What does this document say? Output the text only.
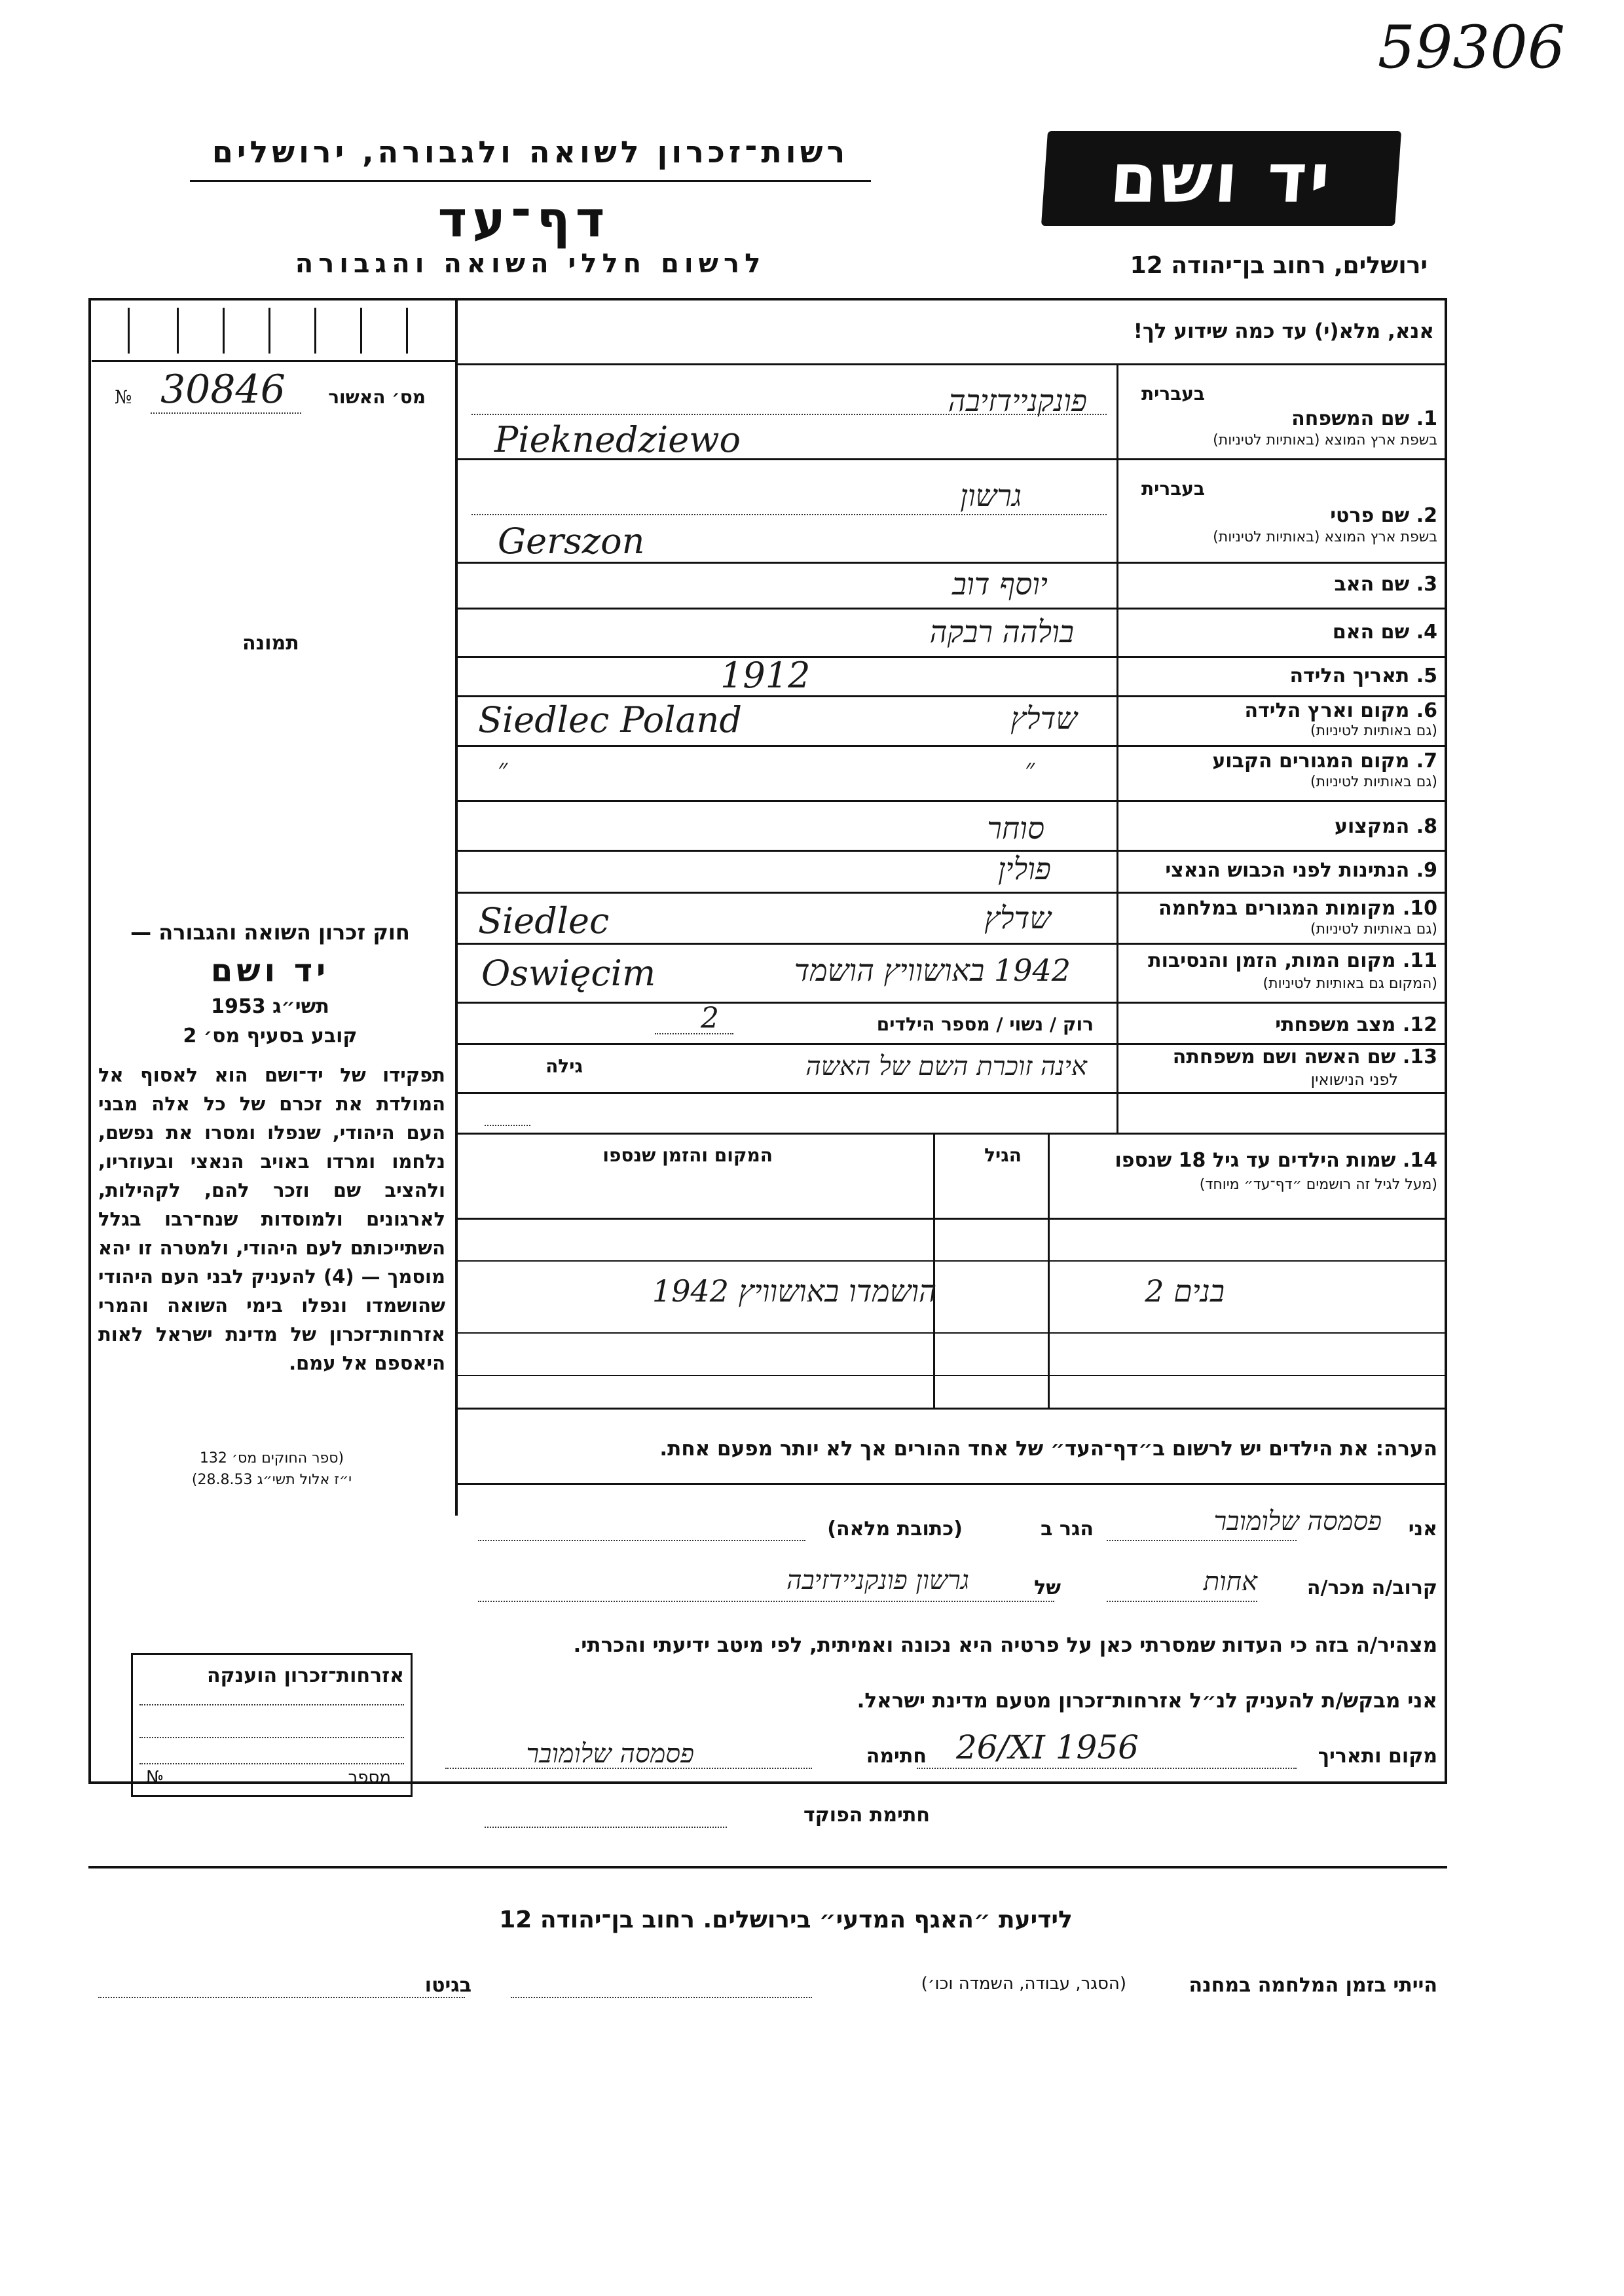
59306
רשות־זכרון לשואה ולגבורה, ירושלים
דף־עד
לרשום חללי השואה והגבורה
יד ושם
ירושלים, רחוב בן־יהודה 12
מס׳ האשור
№ 30846
תמונה
חוק זכרון השואה והגבורה —
יד ושם
תשי״ג 1953
קובע בסעיף מס׳ 2
תפקידו של יד־ושם הוא לאסוף אל המולדת את זכרם של כל אלה מבני העם היהודי, שנפלו ומסרו את נפשם, נלחמו ומרדו באויב הנאצי ובעוזריו, ולהציב שם וזכר להם, לקהילות, לארגונים ולמוסדות שנח־רבו בגלל השתייכותם לעם היהודי, ולמטרה זו יהא מוסמך — (4) להעניק לבני העם היהודי שהושמדו ונפלו בימי השואה והמרי אזרחות־זכרון של מדינת ישראל לאות היאספם אל עמם.
(ספר החוקים מס׳ 132
י״ז אלול תשי״ג 28.8.53)
אנא, מלא(י) עד כמה שידוע לך!
בעברית
1. שם המשפחה
בשפת ארץ המוצא (באותיות לטיניות)
פונקניידזיבה
Pieknedziewo
בעברית
2. שם פרטי
בשפת ארץ המוצא (באותיות לטיניות)
גרשון
Gerszon
3. שם האב
יוסף דוב
4. שם האם
בולהה רבקה
5. תאריך הלידה
1912
6. מקום וארץ הלידה
(גם באותיות לטיניות)
Siedlec Poland	שדלץ
7. מקום המגורים הקבוע
(גם באותיות לטיניות)
״	״
8. המקצוע
סוחר
9. הנתינות לפני הכבוש הנאצי
פולין
10. מקומות המגורים במלחמה
(גם באותיות לטיניות)
Siedlec	שדלץ
11. מקום המות, הזמן והנסיבות
(המקום גם באותיות לטיניות)
Oswięcim	1942 באושוויץ הושמד
12. מצב משפחתי
רוק / נשוי / מספר הילדים
2
13. שם האשה ושם משפחתה
לפני הנישואין
גילה	אינה זוכרת השם של האשה
14. שמות הילדים עד גיל 18 שנספו
(מעל לגיל זה רושמים ״דף־עד״ מיוחד)
הגיל
המקום והזמן שנספו
הושמדו באושוויץ 1942	בנים 2
הערה: את הילדים יש לרשום ב״דף־העד״ של אחד ההורים אך לא יותר מפעם אחת.
אני
פסמסה שלומובר
הגר ב
(כתובת מלאה)
קרוב/ה מכר/ה
אחות
של
גרשון פונקניידזיבה
מצהיר/ה בזה כי העדות שמסרתי כאן על פרטיה היא נכונה ואמיתית, לפי מיטב ידיעתי והכרתי.
אני מבקש/ת להעניק לנ״ל אזרחות־זכרון מטעם מדינת ישראל.
מקום ותאריך
26/XI 1956
חתימה
פסמסה שלומובר
חתימת הפוקד
אזרחות־זכרון הוענקה
מספר
№
לידיעת ״האגף המדעי״ בירושלים. רחוב בן־יהודה 12
הייתי בזמן המלחמה במחנה
(הסגר, עבודה, השמדה וכו׳)
בגיטו
